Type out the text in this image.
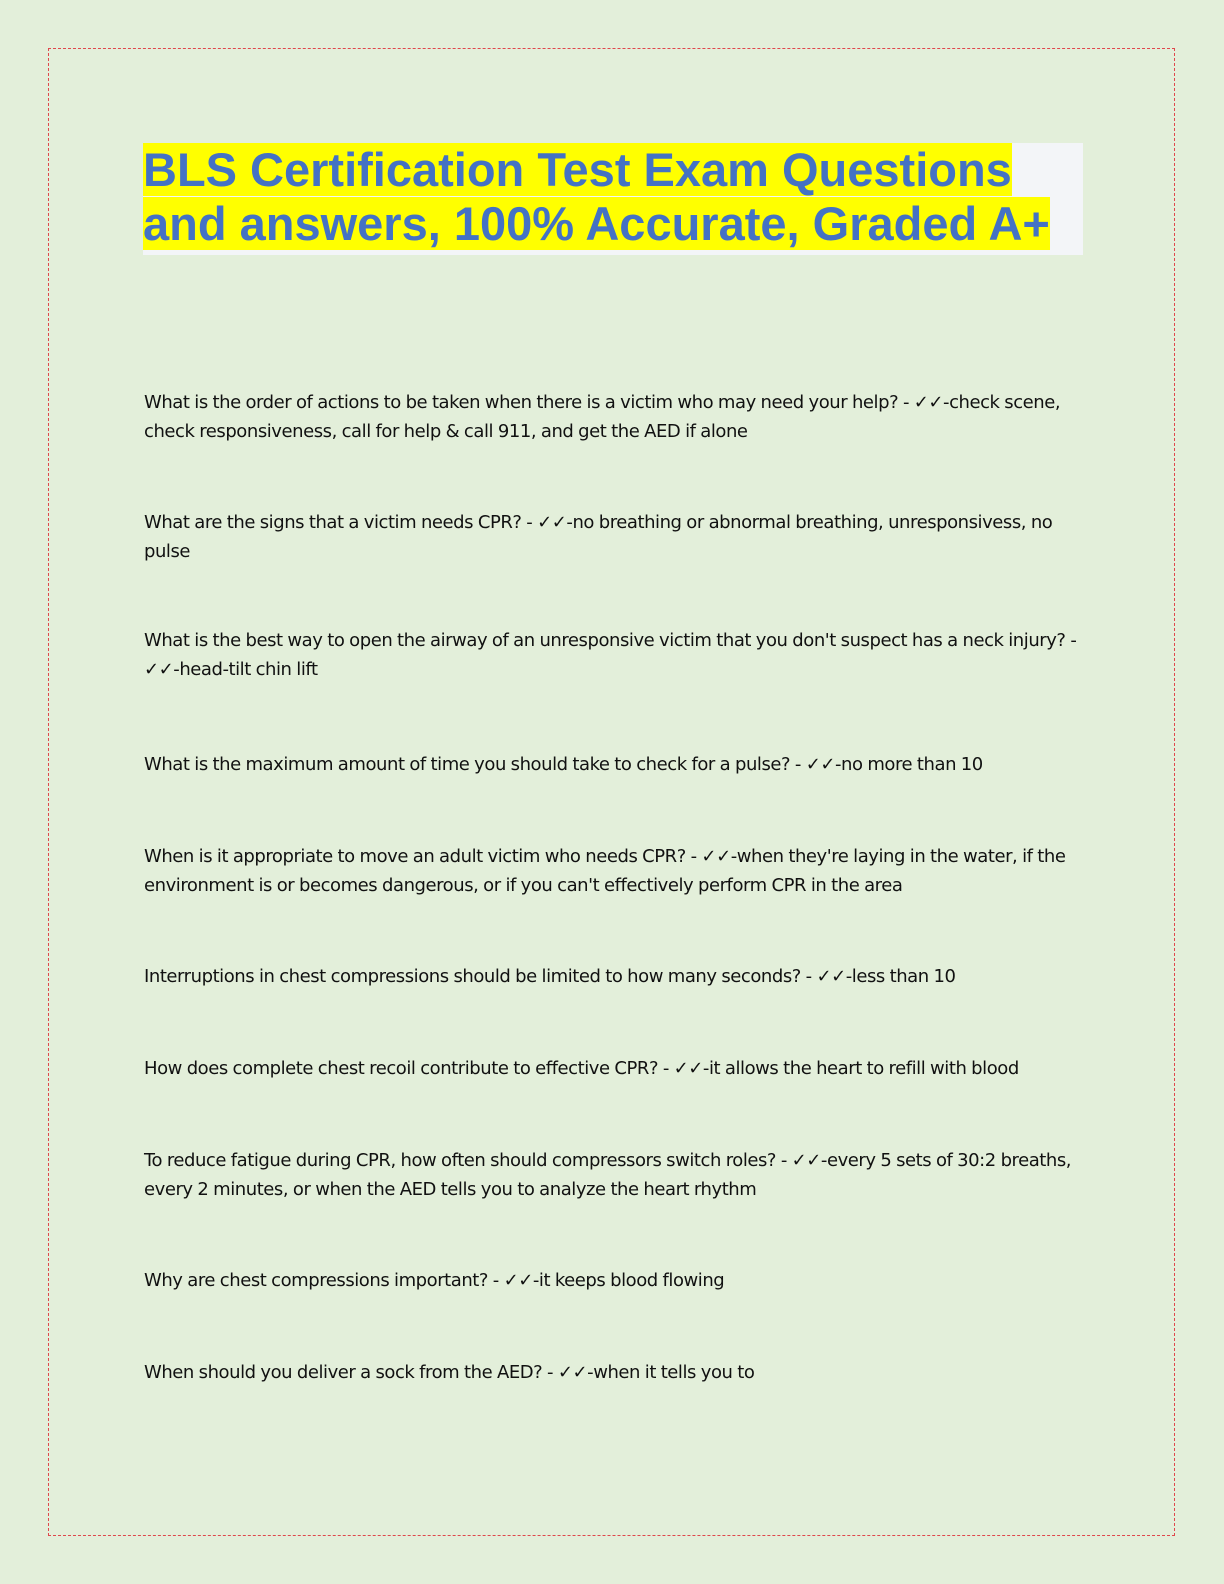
BLS Certification Test Exam Questions and answers, 100% Accurate, Graded A+
What is the order of actions to be taken when there is a victim who may need your help? - ✓✓-check scene, check responsiveness, call for help & call 911, and get the AED if alone
What are the signs that a victim needs CPR? - ✓✓-no breathing or abnormal breathing, unresponsivess, no pulse
What is the best way to open the airway of an unresponsive victim that you don't suspect has a neck injury? - ✓✓-head-tilt chin lift
What is the maximum amount of time you should take to check for a pulse? - ✓✓-no more than 10
When is it appropriate to move an adult victim who needs CPR? - ✓✓-when they're laying in the water, if the environment is or becomes dangerous, or if you can't effectively perform CPR in the area
Interruptions in chest compressions should be limited to how many seconds? - ✓✓-less than 10
How does complete chest recoil contribute to effective CPR? - ✓✓-it allows the heart to refill with blood
To reduce fatigue during CPR, how often should compressors switch roles? - ✓✓-every 5 sets of 30:2 breaths, every 2 minutes, or when the AED tells you to analyze the heart rhythm
Why are chest compressions important? - ✓✓-it keeps blood flowing
When should you deliver a sock from the AED? - ✓✓-when it tells you to
